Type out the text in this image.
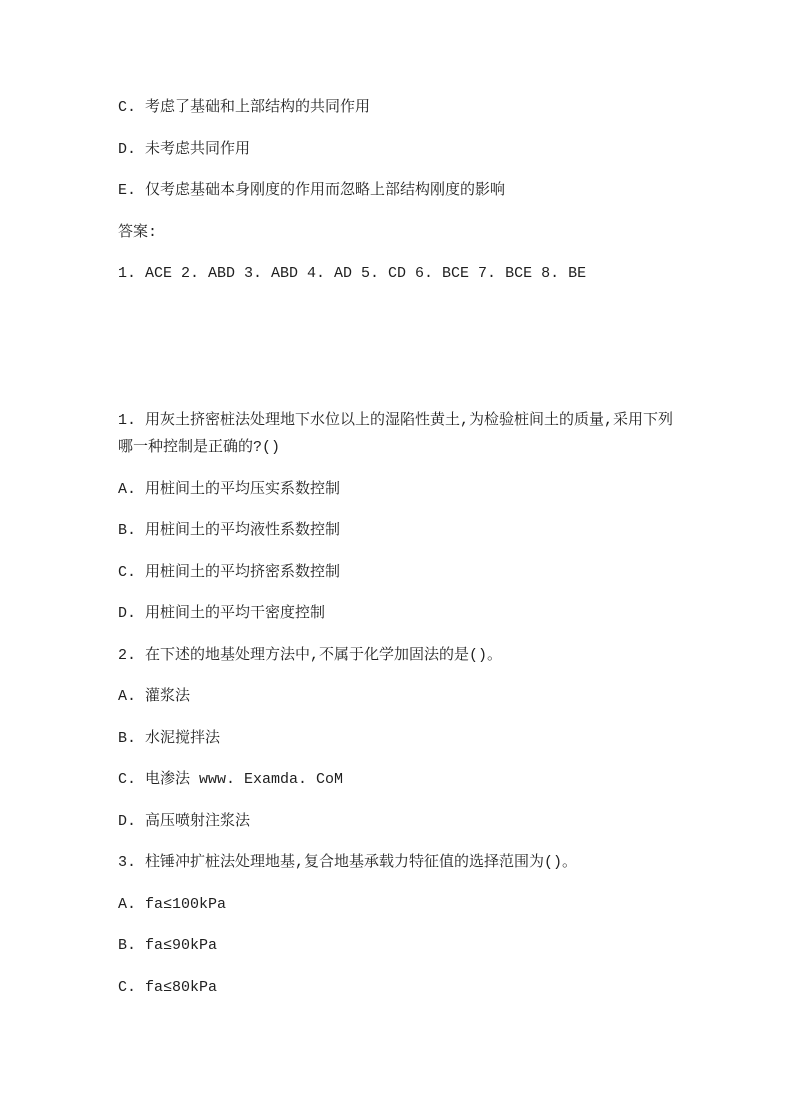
C. 考虑了基础和上部结构的共同作用
D. 未考虑共同作用
E. 仅考虑基础本身刚度的作用而忽略上部结构刚度的影响
答案:
1. ACE 2. ABD 3. ABD 4. AD 5. CD 6. BCE 7. BCE 8. BE
1. 用灰土挤密桩法处理地下水位以上的湿陷性黄土,为检验桩间土的质量,采用下列
哪一种控制是正确的?()
A. 用桩间土的平均压实系数控制
B. 用桩间土的平均液性系数控制
C. 用桩间土的平均挤密系数控制
D. 用桩间土的平均干密度控制
2. 在下述的地基处理方法中,不属于化学加固法的是()。
A. 灌浆法
B. 水泥搅拌法
C. 电渗法 www. Examda. CoM
D. 高压喷射注浆法
3. 柱锤冲扩桩法处理地基,复合地基承载力特征值的选择范围为()。
A. fa≤100kPa
B. fa≤90kPa
C. fa≤80kPa
